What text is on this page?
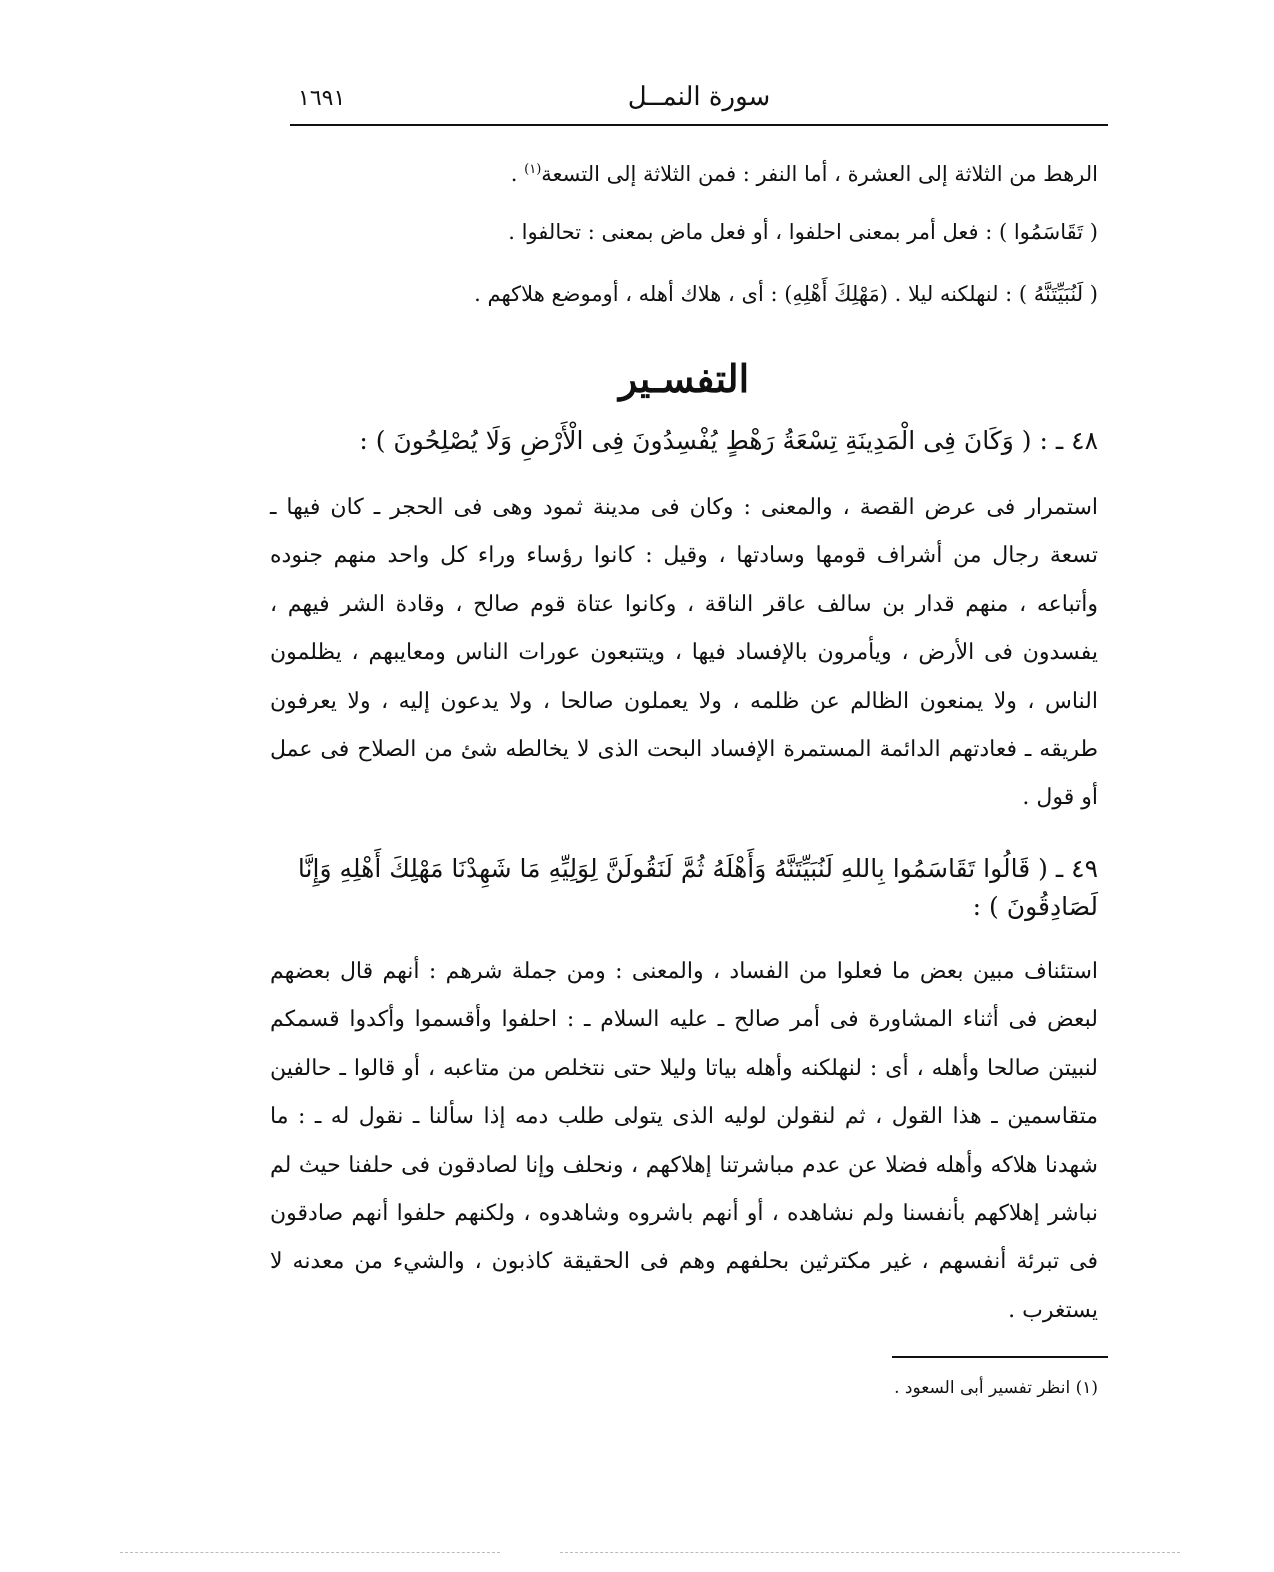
سورة النمــل
١٦٩١

الرهط من الثلاثة إلى العشرة ، أما النفر : فمن الثلاثة إلى التسعة$^{(١)}$ .

( تَقَاسَمُوا ) : فعل أمر بمعنى احلفوا ، أو فعل ماض بمعنى : تحالفوا .

( لَنُبَيِّتَنَّهُ ) : لنهلكنه ليلا . (مَهْلِكَ أَهْلِهِ) : أى ، هلاك أهله ، أوموضع هلاكهم .

التفسـير

٤٨ ـ : ( وَكَانَ فِى الْمَدِينَةِ تِسْعَةُ رَهْطٍ يُفْسِدُونَ فِى الْأَرْضِ وَلَا يُصْلِحُونَ ) :

استمرار فى عرض القصة ، والمعنى : وكان فى مدينة ثمود وهى فى الحجر ـ كان فيها ـ تسعة رجال من أشراف قومها وسادتها ، وقيل : كانوا رؤساء وراء كل واحد منهم جنوده وأتباعه ، منهم قدار بن سالف عاقر الناقة ، وكانوا عتاة قوم صالح ، وقادة الشر فيهم ، يفسدون فى الأرض ، ويأمرون بالإفساد فيها ، ويتتبعون عورات الناس ومعايبهم ، يظلمون الناس ، ولا يمنعون الظالم عن ظلمه ، ولا يعملون صالحا ، ولا يدعون إليه ، ولا يعرفون طريقه ـ فعادتهم الدائمة المستمرة الإفساد البحت الذى لا يخالطه شئ من الصلاح فى عمل أو قول .

٤٩ ـ ( قَالُوا تَقَاسَمُوا بِاللهِ لَنُبَيِّتَنَّهُ وَأَهْلَهُ ثُمَّ لَنَقُولَنَّ لِوَلِيِّهِ مَا شَهِدْنَا مَهْلِكَ أَهْلِهِ وَإِنَّا لَصَادِقُونَ ) :

استئناف مبين بعض ما فعلوا من الفساد ، والمعنى : ومن جملة شرهم : أنهم قال بعضهم لبعض فى أثناء المشاورة فى أمر صالح ـ عليه السلام ـ : احلفوا وأقسموا وأكدوا قسمكم لنبيتن صالحا وأهله ، أى : لنهلكنه وأهله بياتا وليلا حتى نتخلص من متاعبه ، أو قالوا ـ حالفين متقاسمين ـ هذا القول ، ثم لنقولن لوليه الذى يتولى طلب دمه إذا سألنا ـ نقول له ـ : ما شهدنا هلاكه وأهله فضلا عن عدم مباشرتنا إهلاكهم ، ونحلف وإنا لصادقون فى حلفنا حيث لم نباشر إهلاكهم بأنفسنا ولم نشاهده ، أو أنهم باشروه وشاهدوه ، ولكنهم حلفوا أنهم صادقون فى تبرئة أنفسهم ، غير مكترثين بحلفهم وهم فى الحقيقة كاذبون ، والشيء من معدنه لا يستغرب .

(١) انظر تفسير أبى السعود .
